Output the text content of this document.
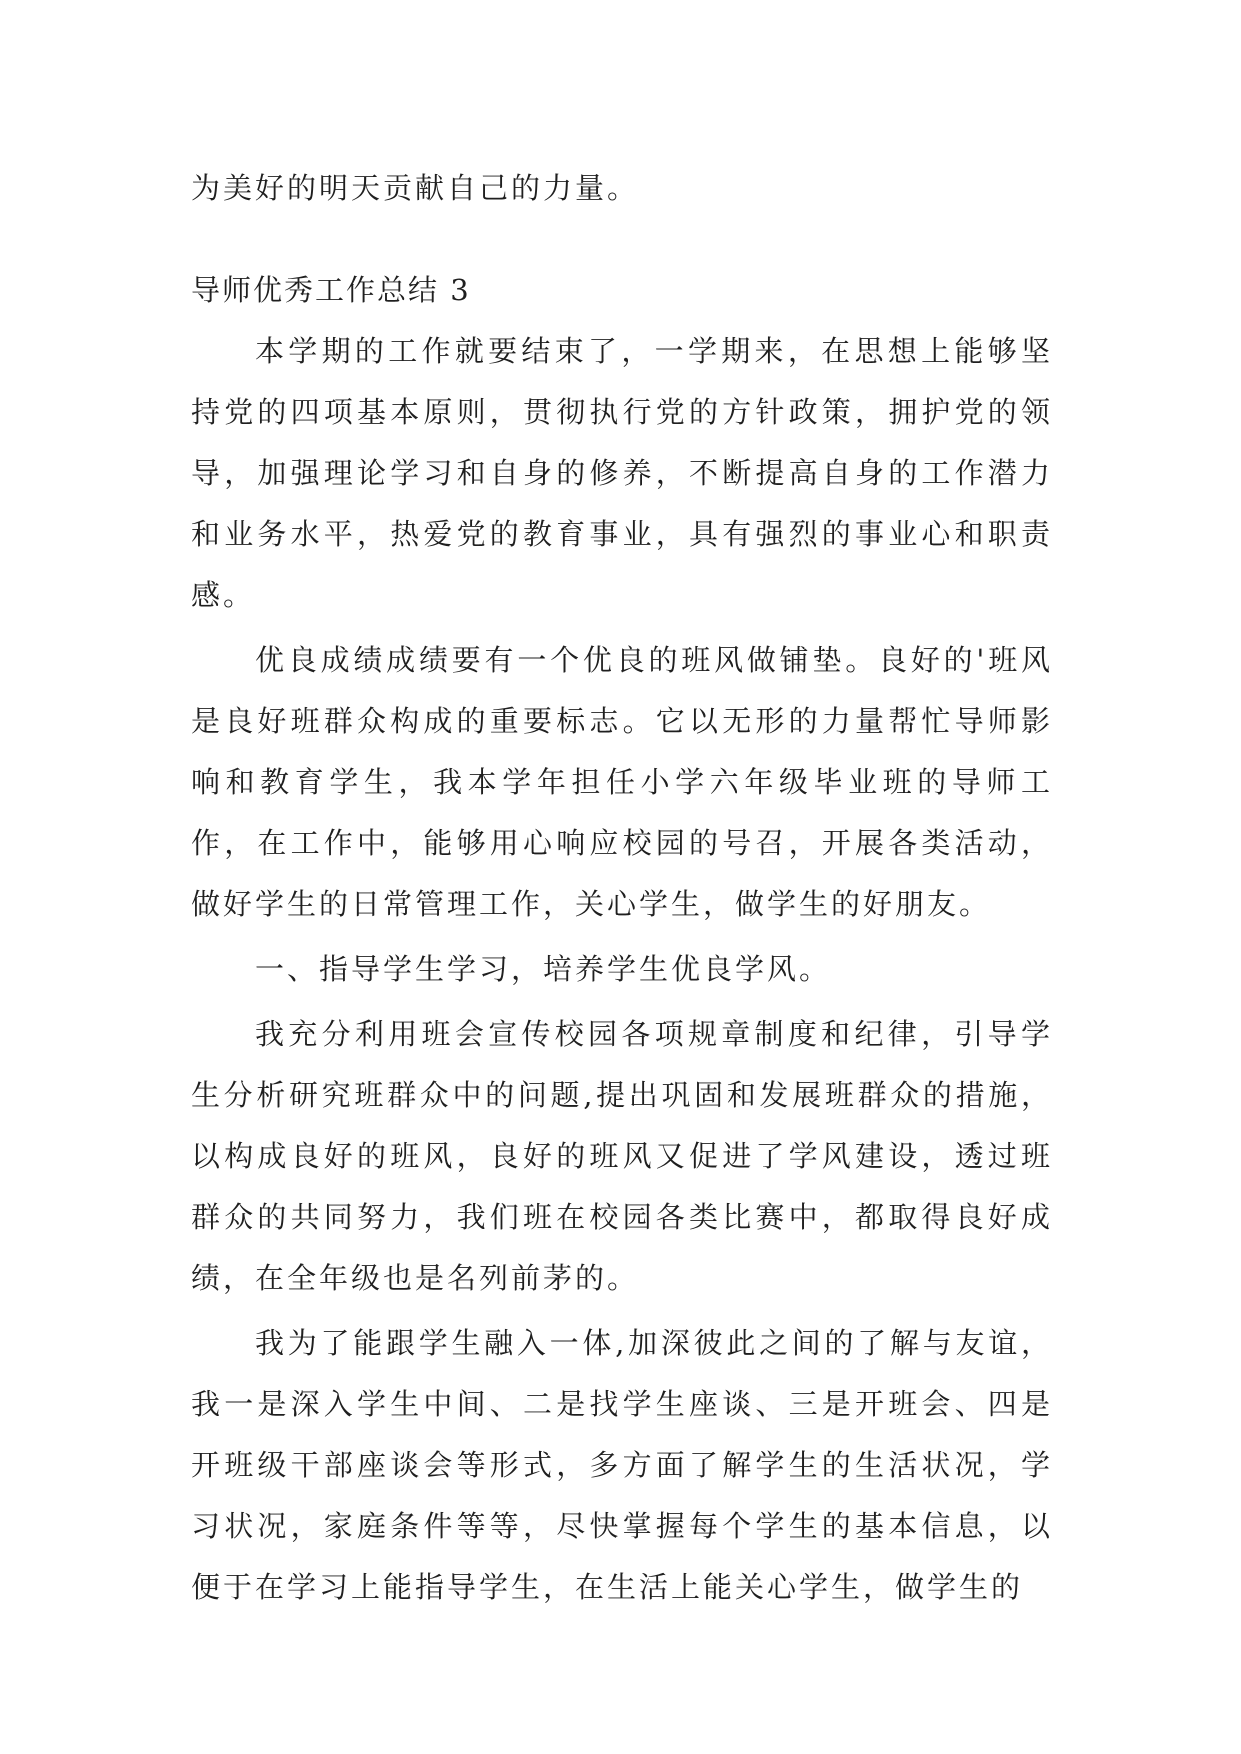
为美好的明天贡献自己的力量。

导师优秀工作总结 3

本学期的工作就要结束了，一学期来，在思想上能够坚持党的四项基本原则，贯彻执行党的方针政策，拥护党的领导，加强理论学习和自身的修养，不断提高自身的工作潜力和业务水平，热爱党的教育事业，具有强烈的事业心和职责感。

优良成绩成绩要有一个优良的班风做铺垫。良好的'班风是良好班群众构成的重要标志。它以无形的力量帮忙导师影响和教育学生，我本学年担任小学六年级毕业班的导师工作，在工作中，能够用心响应校园的号召，开展各类活动，做好学生的日常管理工作，关心学生，做学生的好朋友。

一、指导学生学习，培养学生优良学风。

我充分利用班会宣传校园各项规章制度和纪律，引导学生分析研究班群众中的问题,提出巩固和发展班群众的措施，以构成良好的班风，良好的班风又促进了学风建设，透过班群众的共同努力，我们班在校园各类比赛中，都取得良好成绩，在全年级也是名列前茅的。

我为了能跟学生融入一体,加深彼此之间的了解与友谊，我一是深入学生中间、二是找学生座谈、三是开班会、四是开班级干部座谈会等形式，多方面了解学生的生活状况，学习状况，家庭条件等等，尽快掌握每个学生的基本信息，以便于在学习上能指导学生，在生活上能关心学生，做学生的
